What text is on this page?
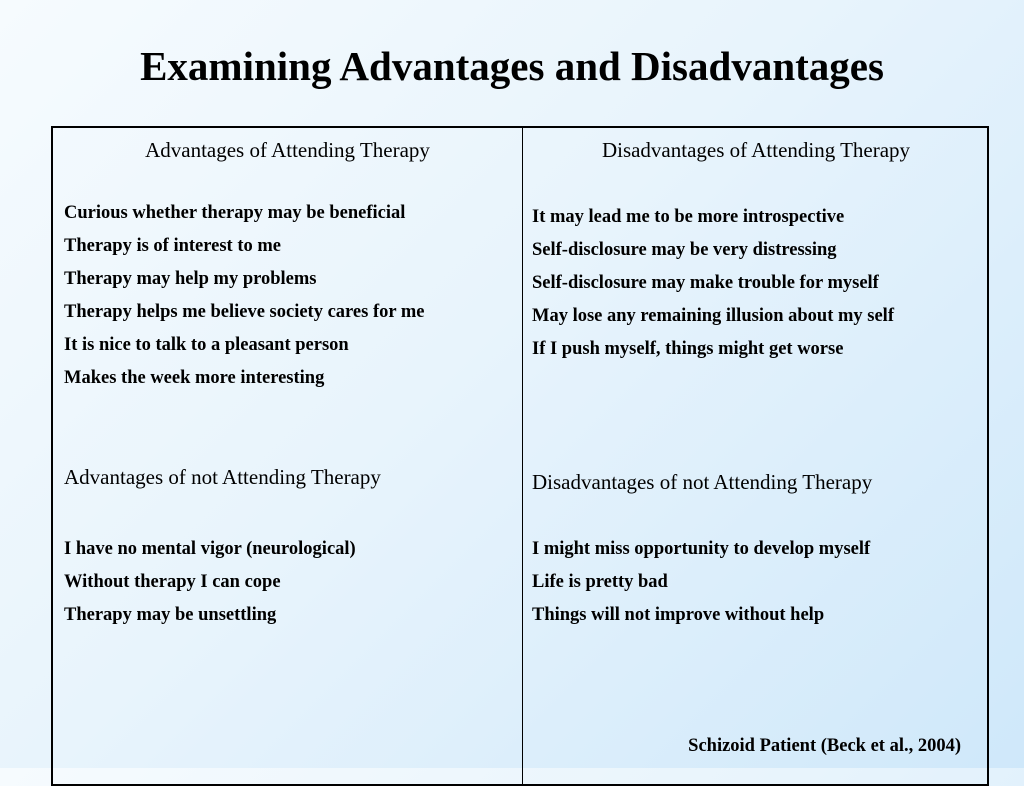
Examining Advantages and Disadvantages
Advantages of Attending Therapy
Curious whether therapy may be beneficial
Therapy is of interest to me
Therapy may help my problems
Therapy helps me believe society cares for me
It is nice to talk to a pleasant person
Makes the week more interesting
Advantages of not Attending Therapy
I have no mental vigor (neurological)
Without therapy I can cope
Therapy may be unsettling
Disadvantages of Attending Therapy
It may lead me to be more introspective
Self-disclosure may be very distressing
Self-disclosure may make trouble for myself
May lose any remaining illusion about my self
If I push myself, things might get worse
Disadvantages of not Attending Therapy
I might miss opportunity to develop myself
Life is pretty bad
Things will not improve without help
Schizoid Patient (Beck et al., 2004)
